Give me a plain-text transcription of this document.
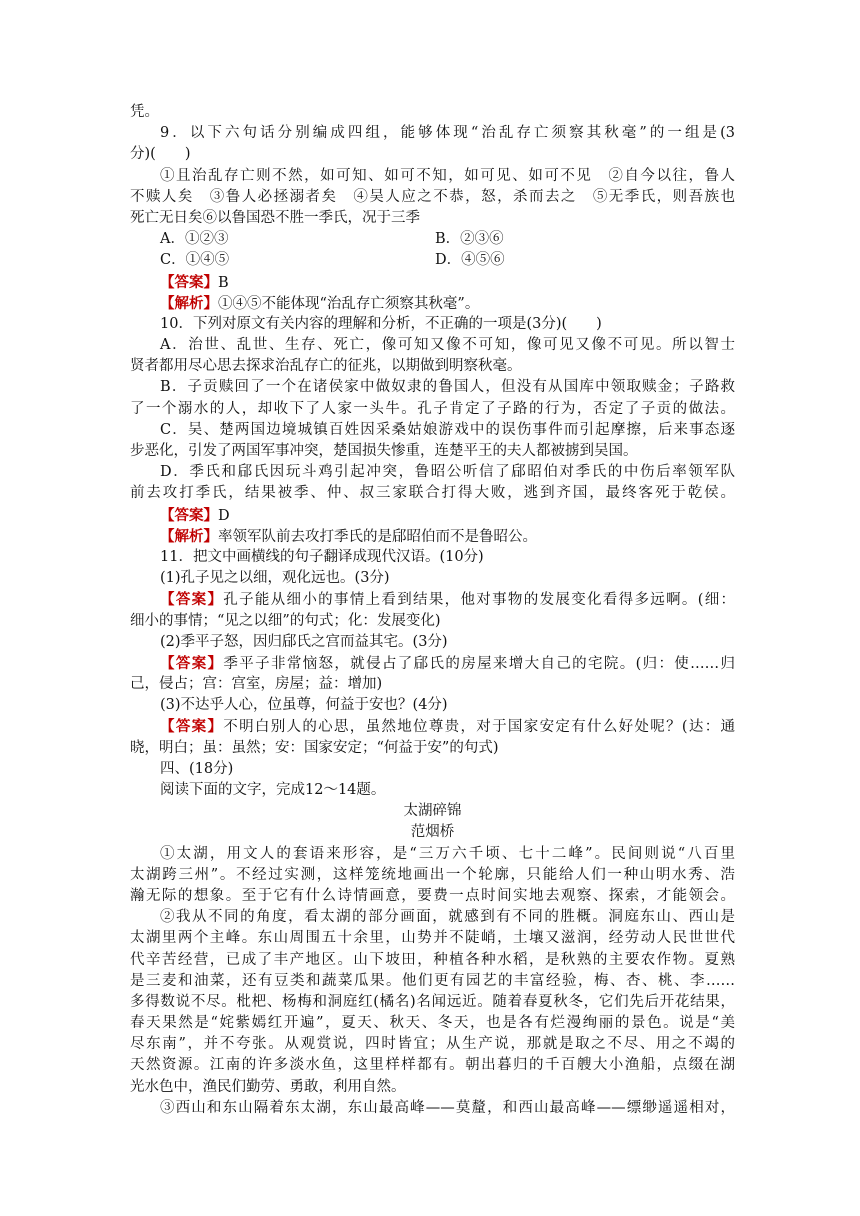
凭。
9．以下六句话分别编成四组，能够体现“治乱存亡须察其秋毫”的一组是(3
分)(　　)
①且治乱存亡则不然，如可知、如可不知，如可见、如可不见　②自今以往，鲁人
不赎人矣　③鲁人必拯溺者矣　④吴人应之不恭，怒，杀而去之　⑤无季氏，则吾族也
死亡无日矣⑥以鲁国恐不胜一季氏，况于三季
A．①②③	B．②③⑥
C．①④⑤	D．④⑤⑥
【答案】B
【解析】①④⑤不能体现“治乱存亡须察其秋毫”。
10．下列对原文有关内容的理解和分析，不正确的一项是(3分)(　　)
A．治世、乱世、生存、死亡，像可知又像不可知，像可见又像不可见。所以智士
贤者都用尽心思去探求治乱存亡的征兆，以期做到明察秋毫。
B．子贡赎回了一个在诸侯家中做奴隶的鲁国人，但没有从国库中领取赎金；子路救
了一个溺水的人，却收下了人家一头牛。孔子肯定了子路的行为，否定了子贡的做法。
C．吴、楚两国边境城镇百姓因采桑姑娘游戏中的误伤事件而引起摩擦，后来事态逐
步恶化，引发了两国军事冲突，楚国损失惨重，连楚平王的夫人都被掳到吴国。
D．季氏和郈氏因玩斗鸡引起冲突，鲁昭公听信了郈昭伯对季氏的中伤后率领军队
前去攻打季氏，结果被季、仲、叔三家联合打得大败，逃到齐国，最终客死于乾侯。
【答案】D
【解析】率领军队前去攻打季氏的是郈昭伯而不是鲁昭公。
11．把文中画横线的句子翻译成现代汉语。(10分)
(1)孔子见之以细，观化远也。(3分)
【答案】孔子能从细小的事情上看到结果，他对事物的发展变化看得多远啊。(细：
细小的事情；“见之以细”的句式；化：发展变化)
(2)季平子怒，因归郈氏之宫而益其宅。(3分)
【答案】季平子非常恼怒，就侵占了郈氏的房屋来增大自己的宅院。(归：使……归
己，侵占；宫：宫室，房屋；益：增加)
(3)不达乎人心，位虽尊，何益于安也？(4分)
【答案】不明白别人的心思，虽然地位尊贵，对于国家安定有什么好处呢？(达：通
晓，明白；虽：虽然；安：国家安定；“何益于安”的句式)
四、(18分)
阅读下面的文字，完成12～14题。
太湖碎锦
范烟桥
①太湖，用文人的套语来形容，是“三万六千顷、七十二峰”。民间则说“八百里
太湖跨三州”。不经过实测，这样笼统地画出一个轮廓，只能给人们一种山明水秀、浩
瀚无际的想象。至于它有什么诗情画意，要费一点时间实地去观察、探索，才能领会。
②我从不同的角度，看太湖的部分画面，就感到有不同的胜概。洞庭东山、西山是
太湖里两个主峰。东山周围五十余里，山势并不陡峭，土壤又滋润，经劳动人民世世代
代辛苦经营，已成了丰产地区。山下坡田，种植各种水稻，是秋熟的主要农作物。夏熟
是三麦和油菜，还有豆类和蔬菜瓜果。他们更有园艺的丰富经验，梅、杏、桃、李……
多得数说不尽。枇杷、杨梅和洞庭红(橘名)名闻远近。随着春夏秋冬，它们先后开花结果，
春天果然是“姹紫嫣红开遍”，夏天、秋天、冬天，也是各有烂漫绚丽的景色。说是“美
尽东南”，并不夸张。从观赏说，四时皆宜；从生产说，那就是取之不尽、用之不竭的
天然资源。江南的许多淡水鱼，这里样样都有。朝出暮归的千百艘大小渔船，点缀在湖
光水色中，渔民们勤劳、勇敢，利用自然。
③西山和东山隔着东太湖，东山最高峰——莫釐，和西山最高峰——缥缈遥遥相对，
